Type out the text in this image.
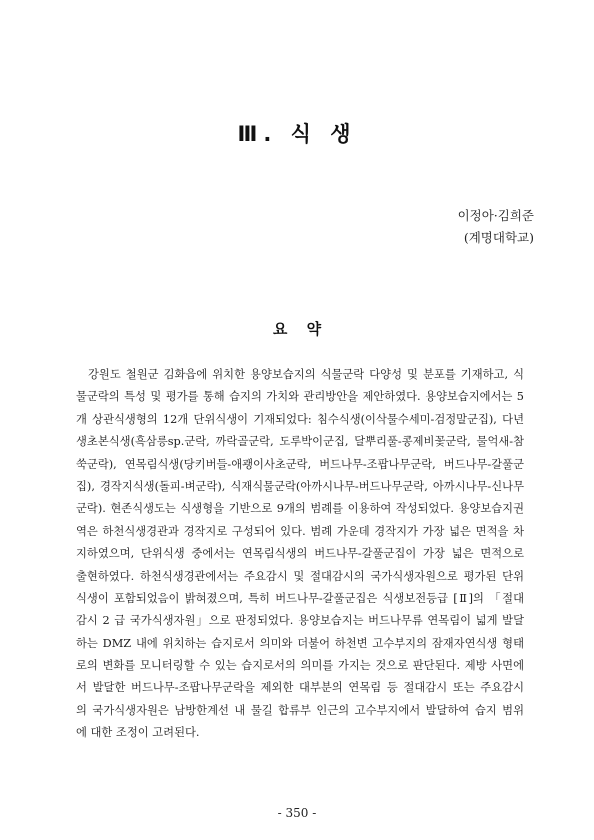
Ⅲ. 식 생
이정아·김희준
(계명대학교)
요 약
강원도 철원군 김화읍에 위치한 용양보습지의 식물군락 다양성 및 분포를 기재하고, 식
물군락의 특성 및 평가를 통해 습지의 가치와 관리방안을 제안하였다. 용양보습지에서는 5
개 상관식생형의 12개 단위식생이 기재되었다: 침수식생(이삭물수세미-검정말군집), 다년
생초본식생(흑삼릉sp.군락, 까락골군락, 도루박이군집, 달뿌리풀-콩제비꽃군락, 물억새-참
쑥군락), 연목림식생(당키버들-애괭이사초군락, 버드나무-조팝나무군락, 버드나무-갈풀군
집), 경작지식생(돌피-벼군락), 식재식물군락(아까시나무-버드나무군락, 아까시나무-신나무
군락). 현존식생도는 식생형을 기반으로 9개의 범례를 이용하여 작성되었다. 용양보습지권
역은 하천식생경관과 경작지로 구성되어 있다. 범례 가운데 경작지가 가장 넓은 면적을 차
지하였으며, 단위식생 중에서는 연목림식생의 버드나무-갈풀군집이 가장 넓은 면적으로
출현하였다. 하천식생경관에서는 주요감시 및 절대감시의 국가식생자원으로 평가된 단위
식생이 포함되었음이 밝혀졌으며, 특히 버드나무-갈풀군집은 식생보전등급 [Ⅱ]의 「절대
감시 2 급 국가식생자원」으로 판정되었다. 용양보습지는 버드나무류 연목림이 넓게 발달
하는 DMZ 내에 위치하는 습지로서 의미와 더불어 하천변 고수부지의 잠재자연식생 형태
로의 변화를 모니터링할 수 있는 습지로서의 의미를 가지는 것으로 판단된다. 제방 사면에
서 발달한 버드나무-조팝나무군락을 제외한 대부분의 연목림 등 절대감시 또는 주요감시
의 국가식생자원은 남방한계선 내 물길 합류부 인근의 고수부지에서 발달하여 습지 범위
에 대한 조정이 고려된다.
- 350 -
